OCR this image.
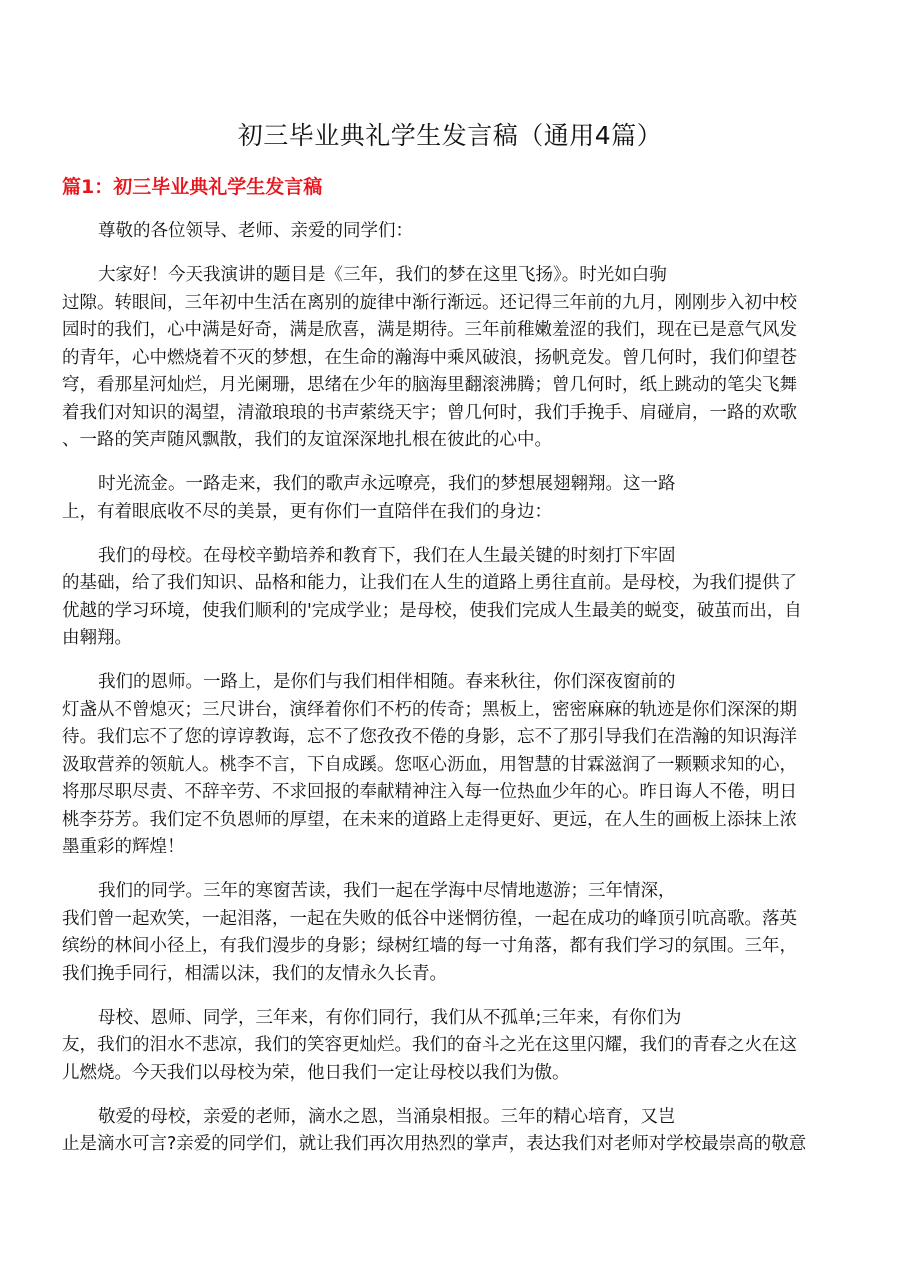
初三毕业典礼学生发言稿（通用4篇）
篇1：初三毕业典礼学生发言稿
尊敬的各位领导、老师、亲爱的同学们：
大家好！今天我演讲的题目是《三年，我们的梦在这里飞扬》。时光如白驹
过隙。转眼间，三年初中生活在离别的旋律中渐行渐远。还记得三年前的九月，刚刚步入初中校
园时的我们，心中满是好奇，满是欣喜，满是期待。三年前稚嫩羞涩的我们，现在已是意气风发
的青年，心中燃烧着不灭的梦想，在生命的瀚海中乘风破浪，扬帆竞发。曾几何时，我们仰望苍
穹，看那星河灿烂，月光阑珊，思绪在少年的脑海里翻滚沸腾；曾几何时，纸上跳动的笔尖飞舞
着我们对知识的渴望，清澈琅琅的书声萦绕天宇；曾几何时，我们手挽手、肩碰肩，一路的欢歌
、一路的笑声随风飘散，我们的友谊深深地扎根在彼此的心中。
时光流金。一路走来，我们的歌声永远嘹亮，我们的梦想展翅翱翔。这一路
上，有着眼底收不尽的美景，更有你们一直陪伴在我们的身边：
我们的母校。在母校辛勤培养和教育下，我们在人生最关键的时刻打下牢固
的基础，给了我们知识、品格和能力，让我们在人生的道路上勇往直前。是母校，为我们提供了
优越的学习环境，使我们顺利的'完成学业；是母校，使我们完成人生最美的蜕变，破茧而出，自
由翱翔。
我们的恩师。一路上，是你们与我们相伴相随。春来秋往，你们深夜窗前的
灯盏从不曾熄灭；三尺讲台，演绎着你们不朽的传奇；黑板上，密密麻麻的轨迹是你们深深的期
待。我们忘不了您的谆谆教诲，忘不了您孜孜不倦的身影，忘不了那引导我们在浩瀚的知识海洋
汲取营养的领航人。桃李不言，下自成蹊。您呕心沥血，用智慧的甘霖滋润了一颗颗求知的心，
将那尽职尽责、不辞辛劳、不求回报的奉献精神注入每一位热血少年的心。昨日诲人不倦，明日
桃李芬芳。我们定不负恩师的厚望，在未来的道路上走得更好、更远，在人生的画板上添抹上浓
墨重彩的辉煌！
我们的同学。三年的寒窗苦读，我们一起在学海中尽情地遨游；三年情深，
我们曾一起欢笑，一起泪落，一起在失败的低谷中迷惘彷徨，一起在成功的峰顶引吭高歌。落英
缤纷的林间小径上，有我们漫步的身影；绿树红墙的每一寸角落，都有我们学习的氛围。三年，
我们挽手同行，相濡以沫，我们的友情永久长青。
母校、恩师、同学，三年来，有你们同行，我们从不孤单;三年来，有你们为
友，我们的泪水不悲凉，我们的笑容更灿烂。我们的奋斗之光在这里闪耀，我们的青春之火在这
儿燃烧。今天我们以母校为荣，他日我们一定让母校以我们为傲。
敬爱的母校，亲爱的老师，滴水之恩，当涌泉相报。三年的精心培育，又岂
止是滴水可言?亲爱的同学们，就让我们再次用热烈的掌声，表达我们对老师对学校最崇高的敬意
